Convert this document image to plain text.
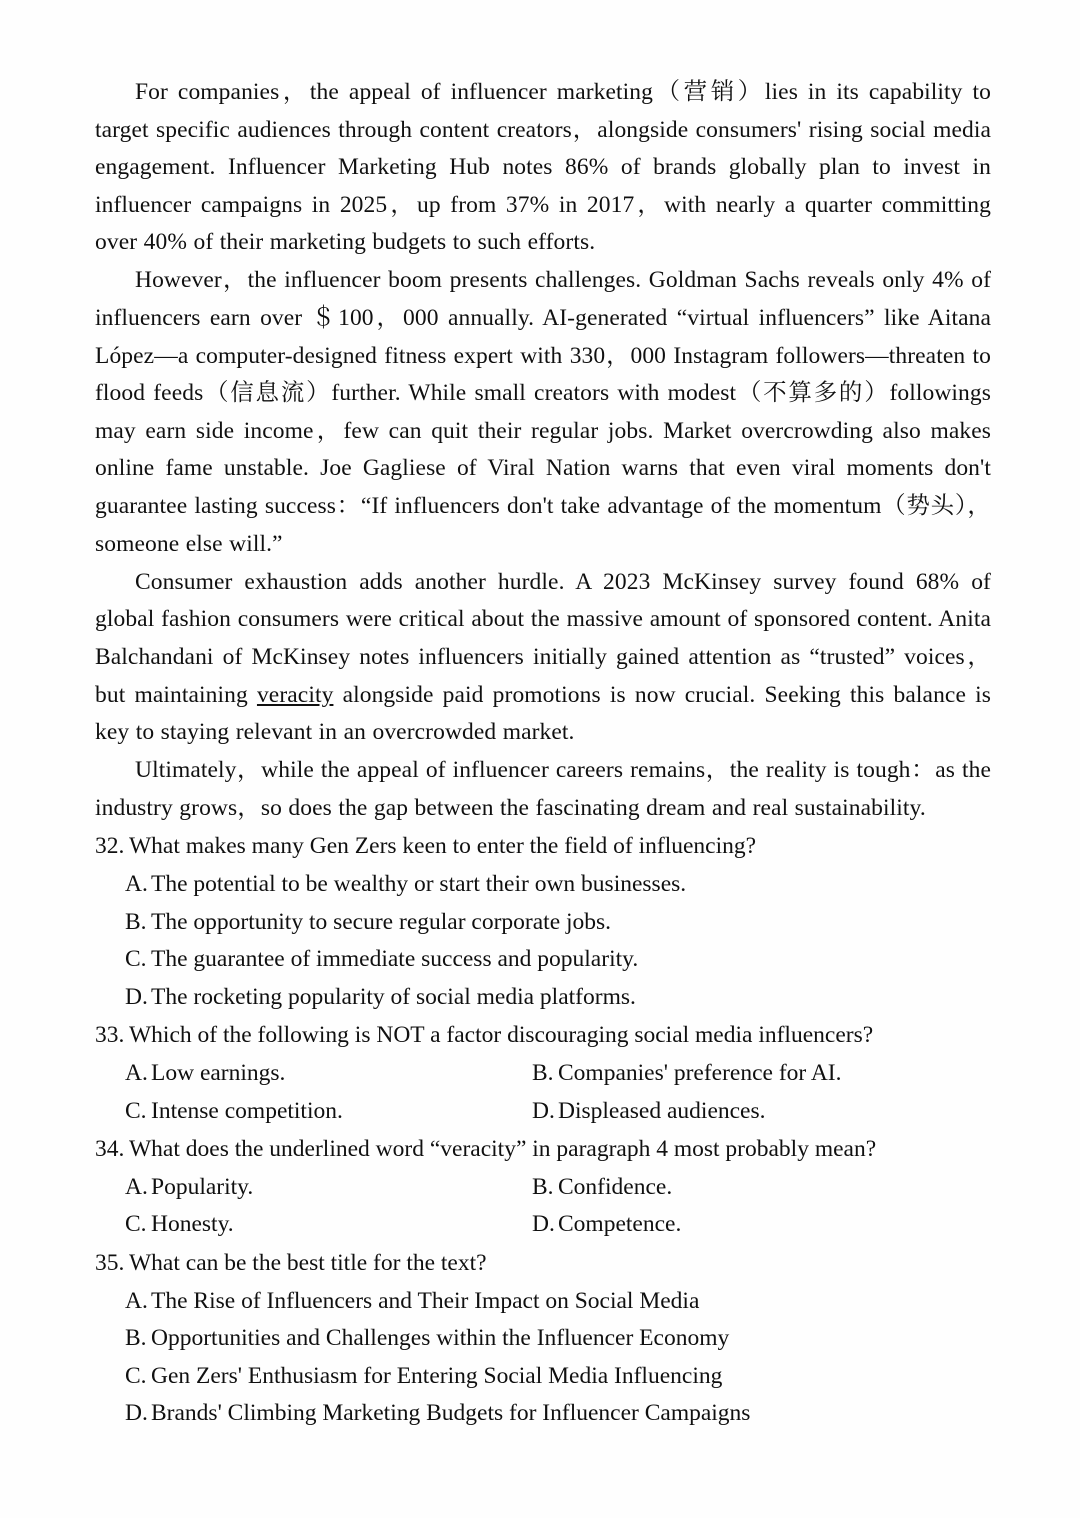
For companies，the appeal of influencer marketing（营销）lies in its capability to target specific audiences through content creators，alongside consumers' rising social media engagement. Influencer Marketing Hub notes 86% of brands globally plan to invest in influencer campaigns in 2025，up from 37% in 2017，with nearly a quarter committing over 40% of their marketing budgets to such efforts.

However，the influencer boom presents challenges. Goldman Sachs reveals only 4% of influencers earn over ＄100，000 annually. AI-generated “virtual influencers” like Aitana López—a computer-designed fitness expert with 330，000 Instagram followers—threaten to flood feeds（信息流）further. While small creators with modest（不算多的）followings may earn side income，few can quit their regular jobs. Market overcrowding also makes online fame unstable. Joe Gagliese of Viral Nation warns that even viral moments don't guarantee lasting success：“If influencers don't take advantage of the momentum（势头），someone else will.”

Consumer exhaustion adds another hurdle. A 2023 McKinsey survey found 68% of global fashion consumers were critical about the massive amount of sponsored content. Anita Balchandani of McKinsey notes influencers initially gained attention as “trusted” voices，but maintaining veracity alongside paid promotions is now crucial. Seeking this balance is key to staying relevant in an overcrowded market.

Ultimately，while the appeal of influencer careers remains，the reality is tough：as the industry grows，so does the gap between the fascinating dream and real sustainability.

32. What makes many Gen Zers keen to enter the field of influencing?
A. The potential to be wealthy or start their own businesses.
B. The opportunity to secure regular corporate jobs.
C. The guarantee of immediate success and popularity.
D. The rocketing popularity of social media platforms.
33. Which of the following is NOT a factor discouraging social media influencers?
A. Low earnings.	B. Companies' preference for AI.
C. Intense competition.	D. Displeased audiences.
34. What does the underlined word “veracity” in paragraph 4 most probably mean?
A. Popularity.	B. Confidence.
C. Honesty.	D. Competence.
35. What can be the best title for the text?
A. The Rise of Influencers and Their Impact on Social Media
B. Opportunities and Challenges within the Influencer Economy
C. Gen Zers' Enthusiasm for Entering Social Media Influencing
D. Brands' Climbing Marketing Budgets for Influencer Campaigns
